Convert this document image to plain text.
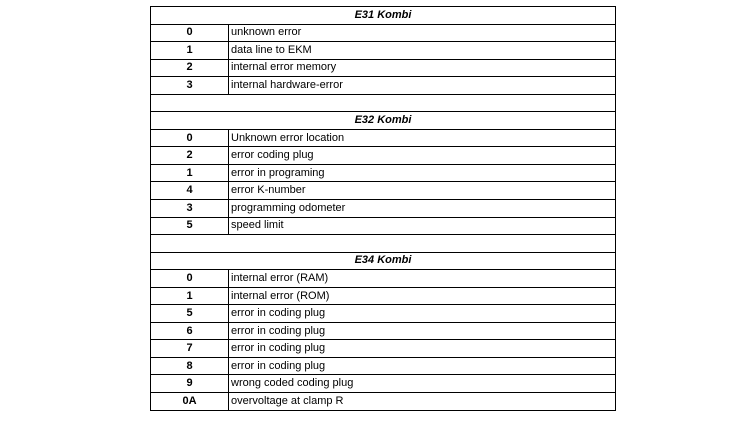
E31 Kombi	
0	unknown error
1	data line to EKM
2	internal error memory
3	internal hardware-error

E32 Kombi	
0	Unknown error location
2	error coding plug
1	error in programing
4	error K-number
3	programming odometer
5	speed limit

E34 Kombi	
0	internal error (RAM)
1	internal error (ROM)
5	error in coding plug
6	error in coding plug
7	error in coding plug
8	error in coding plug
9	wrong coded coding plug
0A	overvoltage at clamp R
